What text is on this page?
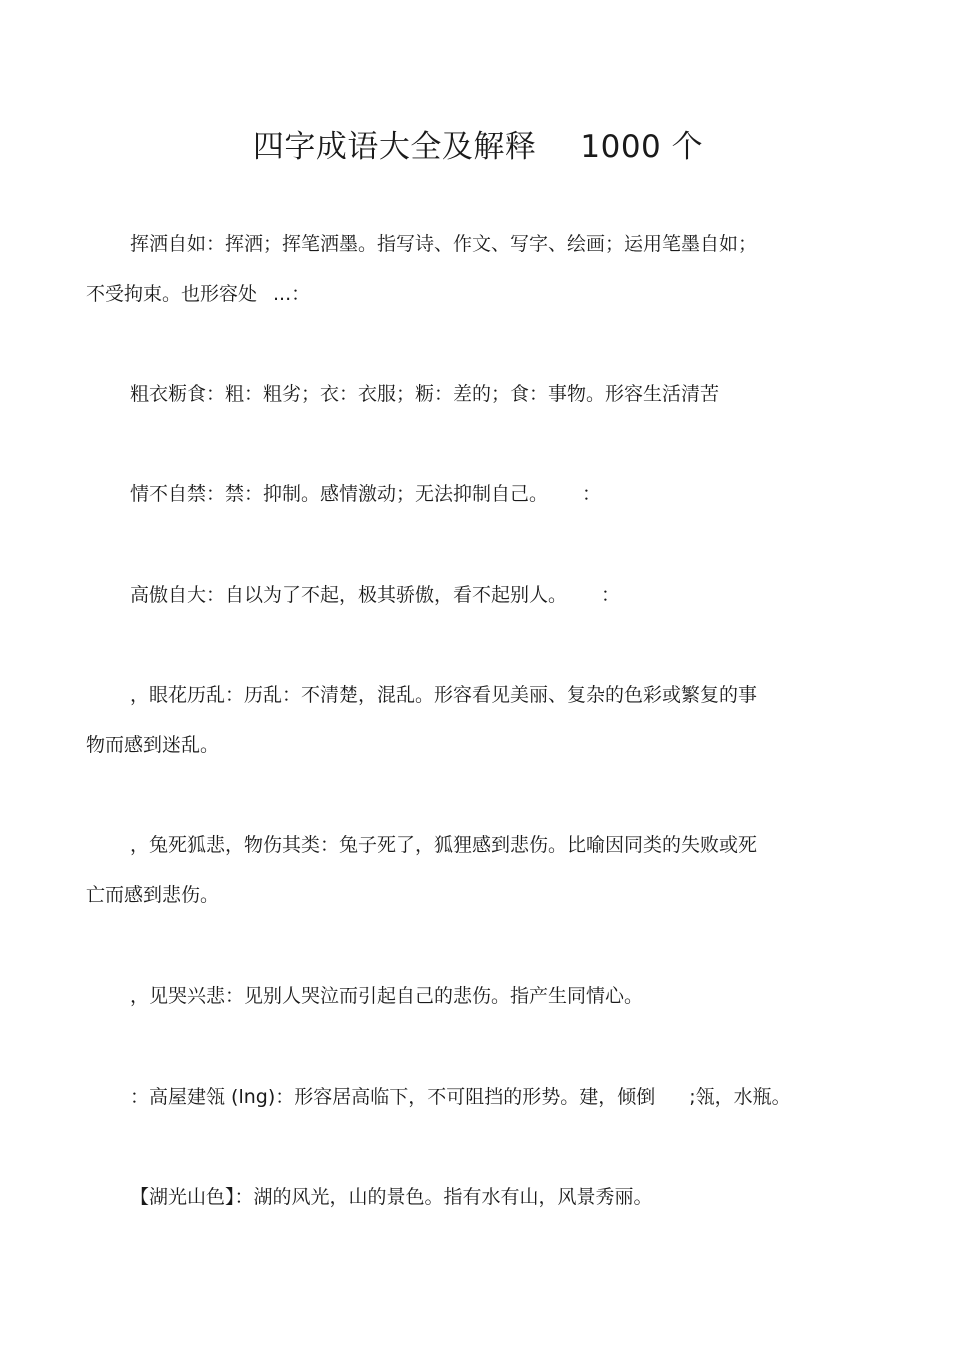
四字成语大全及解释 1000 个
挥洒自如：挥洒；挥笔洒墨。指写诗、作文、写字、绘画；运用笔墨自如；
不受拘束。也形容处 ...：
粗衣粝食：粗：粗劣；衣：衣服；粝：差的；食：事物。形容生活清苦
情不自禁：禁：抑制。感情激动；无法抑制自己。 ：
高傲自大：自以为了不起，极其骄傲，看不起别人。 ：
，眼花历乱：历乱：不清楚，混乱。形容看见美丽、复杂的色彩或繁复的事
物而感到迷乱。
，兔死狐悲，物伤其类：兔子死了，狐狸感到悲伤。比喻因同类的失败或死
亡而感到悲伤。
，见哭兴悲：见别人哭泣而引起自己的悲伤。指产生同情心。
：高屋建瓴 (lng)：形容居高临下，不可阻挡的形势。建，倾倒 ;瓴，水瓶。
【湖光山色】：湖的风光，山的景色。指有水有山，风景秀丽。
